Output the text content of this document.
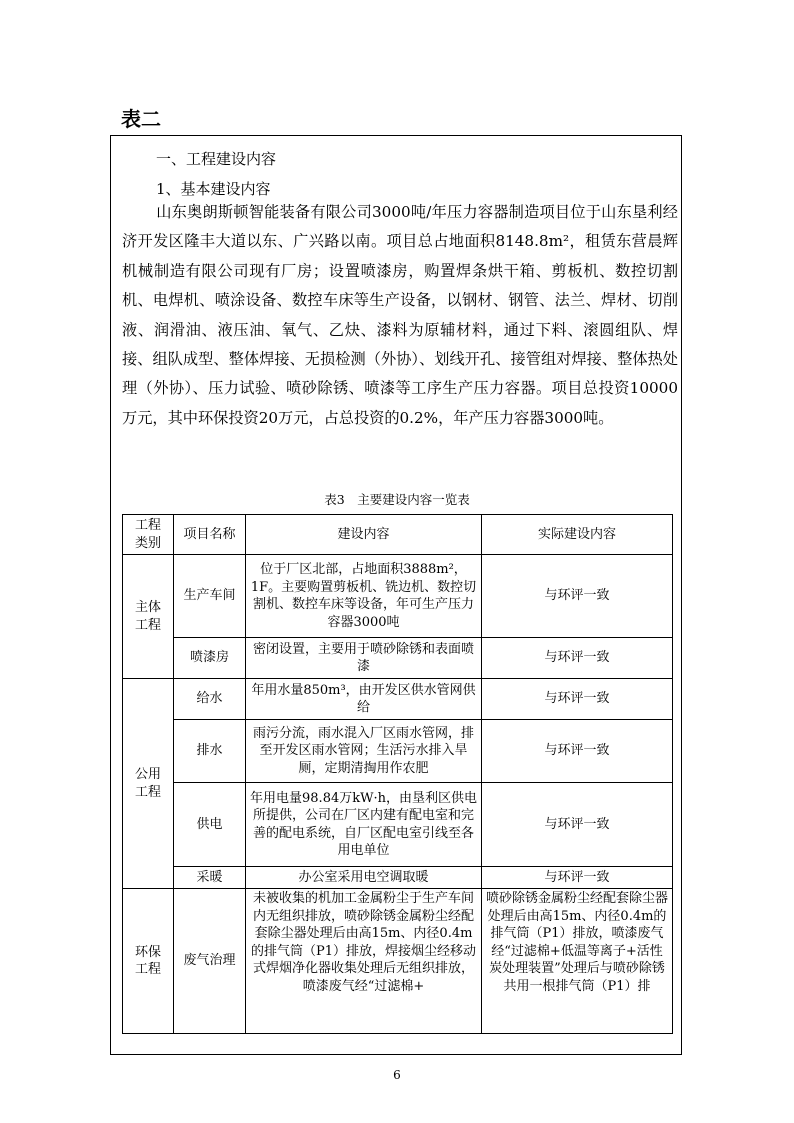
表二
一、工程建设内容
1、基本建设内容
山东奥朗斯顿智能装备有限公司3000吨/年压力容器制造项目位于山东垦利经济开发区隆丰大道以东、广兴路以南。项目总占地面积8148.8m²，租赁东营晨辉机械制造有限公司现有厂房；设置喷漆房，购置焊条烘干箱、剪板机、数控切割机、电焊机、喷涂设备、数控车床等生产设备，以钢材、钢管、法兰、焊材、切削液、润滑油、液压油、氧气、乙炔、漆料为原辅材料，通过下料、滚圆组队、焊接、组队成型、整体焊接、无损检测（外协）、划线开孔、接管组对焊接、整体热处理（外协）、压力试验、喷砂除锈、喷漆等工序生产压力容器。项目总投资10000万元，其中环保投资20万元，占总投资的0.2%，年产压力容器3000吨。
表3　主要建设内容一览表
工程类别	项目名称	建设内容	实际建设内容
主体工程	生产车间	位于厂区北部，占地面积3888m²，1F。主要购置剪板机、铣边机、数控切割机、数控车床等设备，年可生产压力容器3000吨	与环评一致
	喷漆房	密闭设置，主要用于喷砂除锈和表面喷漆	与环评一致
公用工程	给水	年用水量850m³，由开发区供水管网供给	与环评一致
	排水	雨污分流，雨水混入厂区雨水管网，排至开发区雨水管网；生活污水排入旱厕，定期清掏用作农肥	与环评一致
	供电	年用电量98.84万kW·h，由垦利区供电所提供，公司在厂区内建有配电室和完善的配电系统，自厂区配电室引线至各用电单位	与环评一致
	采暖	办公室采用电空调取暖	与环评一致
环保工程	废气治理	未被收集的机加工金属粉尘于生产车间内无组织排放，喷砂除锈金属粉尘经配套除尘器处理后由高15m、内径0.4m的排气筒（P1）排放，焊接烟尘经移动式焊烟净化器收集处理后无组织排放，喷漆废气经“过滤棉+	喷砂除锈金属粉尘经配套除尘器处理后由高15m、内径0.4m的排气筒（P1）排放，喷漆废气经“过滤棉+低温等离子+活性炭处理装置”处理后与喷砂除锈共用一根排气筒（P1）排
6
